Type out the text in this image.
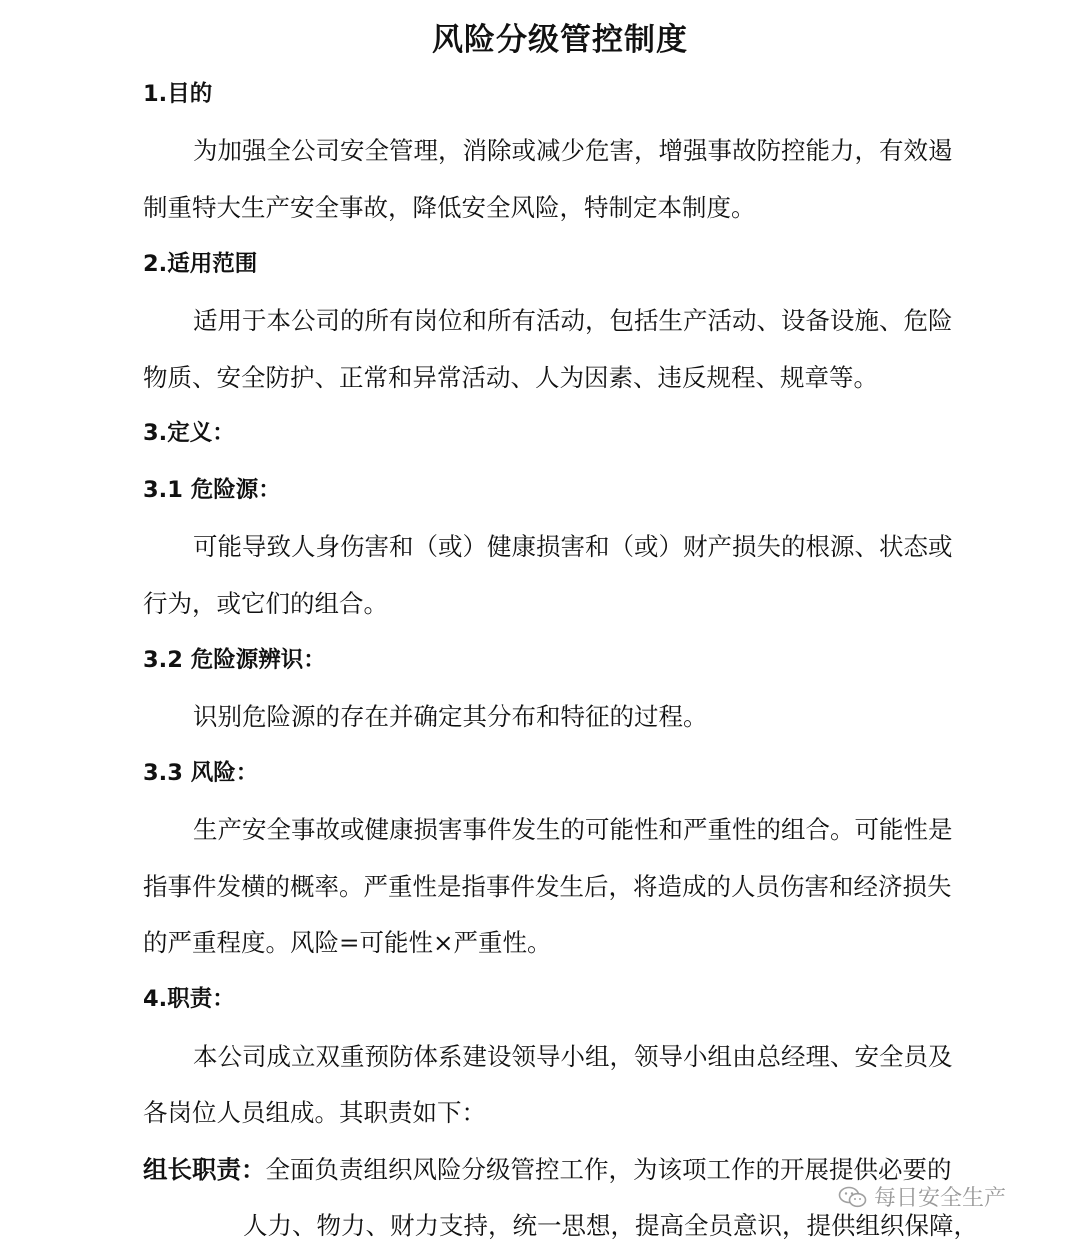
风险分级管控制度
1.目的
为加强全公司安全管理，消除或减少危害，增强事故防控能力，有效遏
制重特大生产安全事故，降低安全风险，特制定本制度。
2.适用范围
适用于本公司的所有岗位和所有活动，包括生产活动、设备设施、危险
物质、安全防护、正常和异常活动、人为因素、违反规程、规章等。
3.定义：
3.1 危险源：
可能导致人身伤害和（或）健康损害和（或）财产损失的根源、状态或
行为，或它们的组合。
3.2 危险源辨识：
识别危险源的存在并确定其分布和特征的过程。
3.3 风险：
生产安全事故或健康损害事件发生的可能性和严重性的组合。可能性是
指事件发横的概率。严重性是指事件发生后，将造成的人员伤害和经济损失
的严重程度。风险=可能性×严重性。
4.职责：
本公司成立双重预防体系建设领导小组，领导小组由总经理、安全员及
各岗位人员组成。其职责如下：
组长职责：全面负责组织风险分级管控工作，为该项工作的开展提供必要的
人力、物力、财力支持，统一思想，提高全员意识，提供组织保障，
每日安全生产
